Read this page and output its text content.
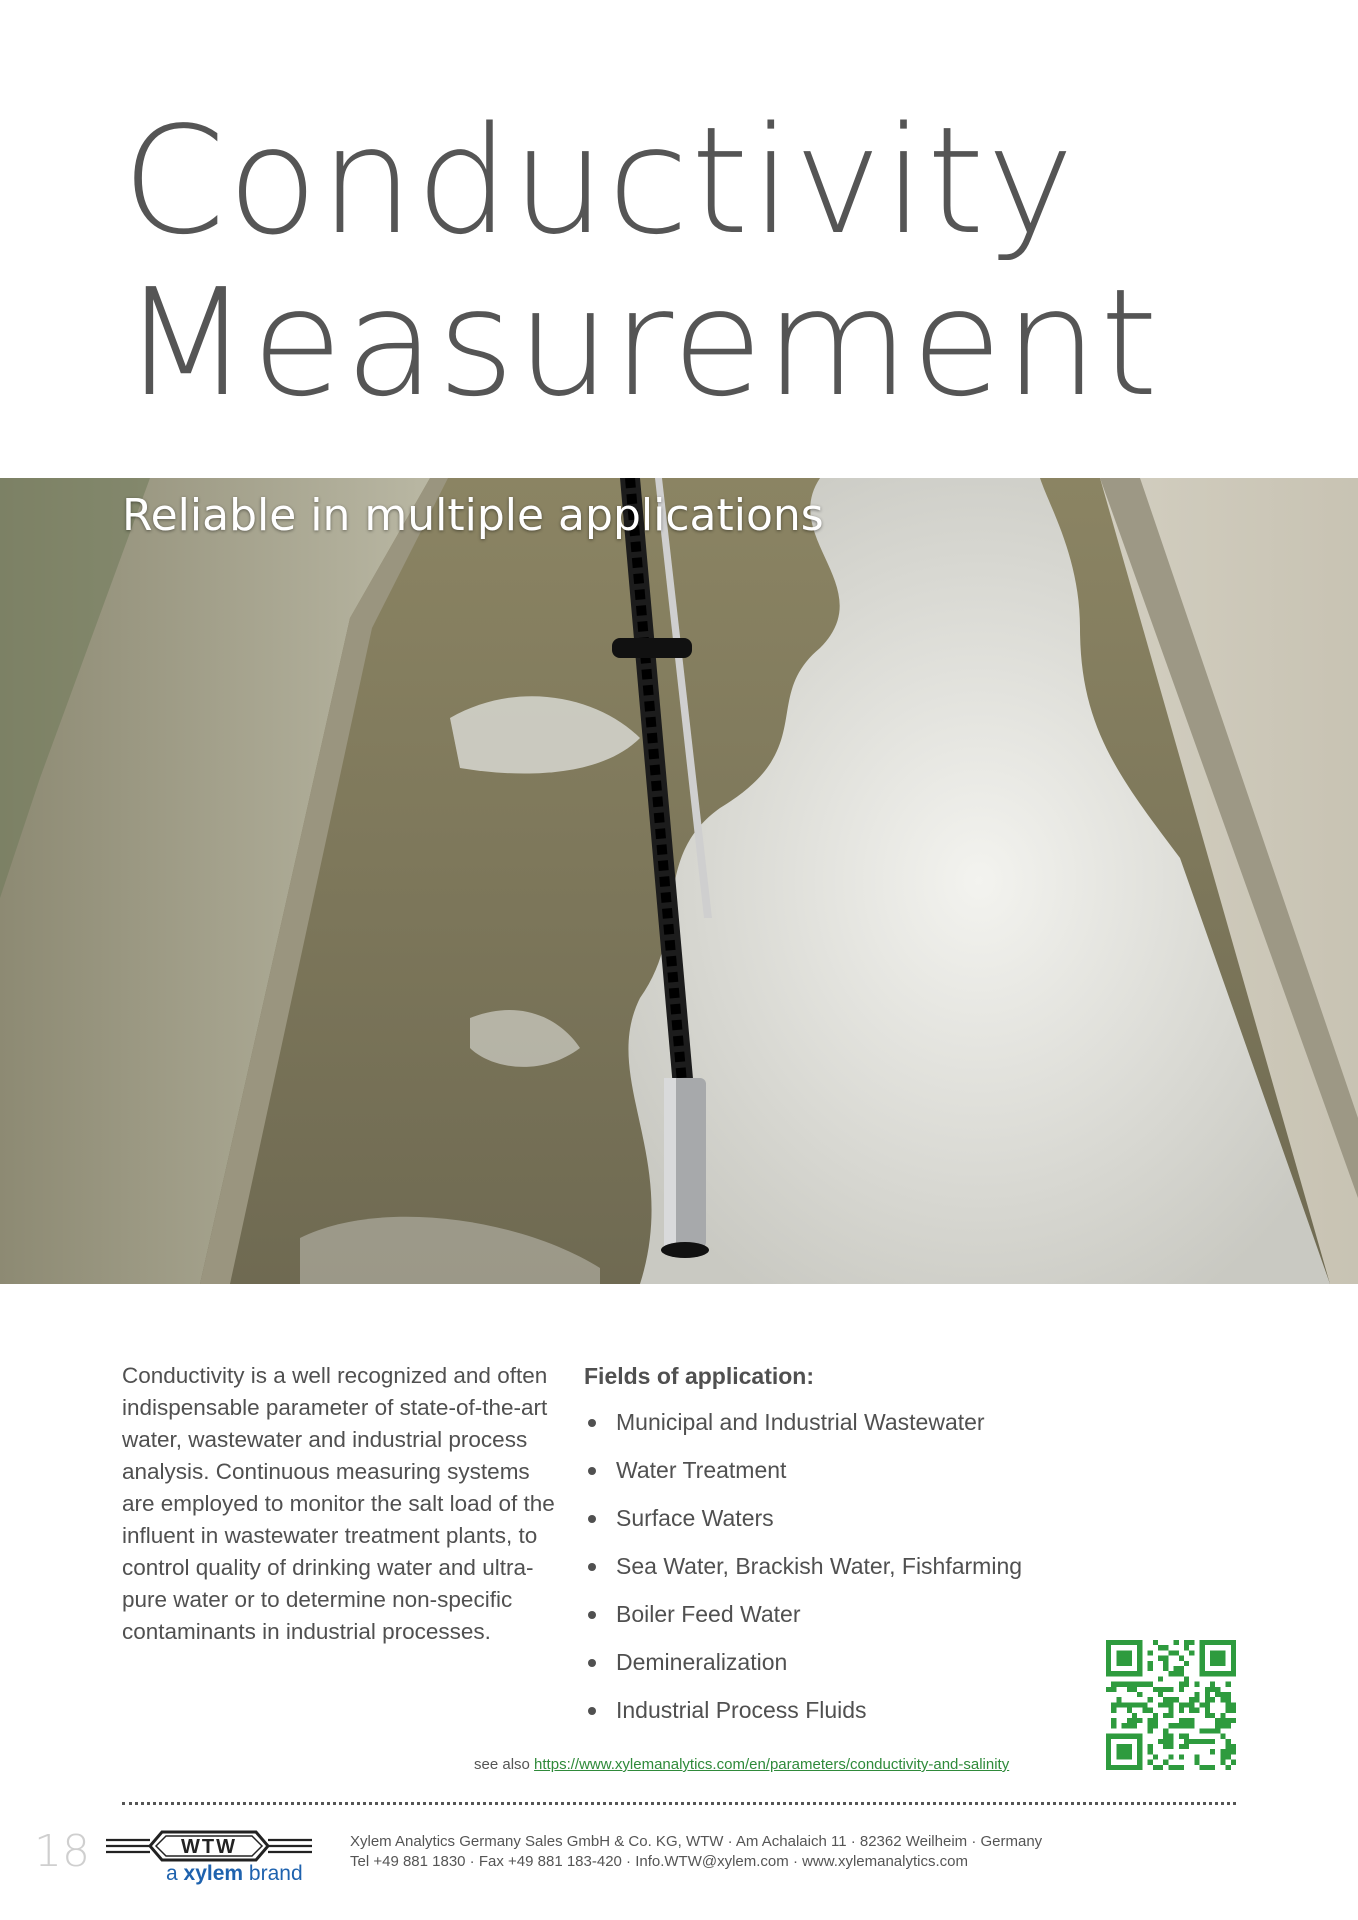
Conductivity
Measurement
Reliable in multiple applications

Conductivity is a well recognized and often indispensable parameter of state-of-the-art water, wastewater and industrial process analysis. Continuous measuring systems are employed to monitor the salt load of the influent in wastewater treatment plants, to control quality of drinking water and ultra-pure water or to determine non-specific contaminants in industrial processes.

Fields of application:
Municipal and Industrial Wastewater
Water Treatment
Surface Waters
Sea Water, Brackish Water, Fishfarming
Boiler Feed Water
Demineralization
Industrial Process Fluids
see also https://www.xylemanalytics.com/en/parameters/conductivity-and-salinity
18	WTW
a xylem brand
Xylem Analytics Germany Sales GmbH & Co. KG, WTW · Am Achalaich 11 · 82362 Weilheim · Germany
Tel +49 881 1830 · Fax +49 881 183-420 · Info.WTW@xylem.com · www.xylemanalytics.com
